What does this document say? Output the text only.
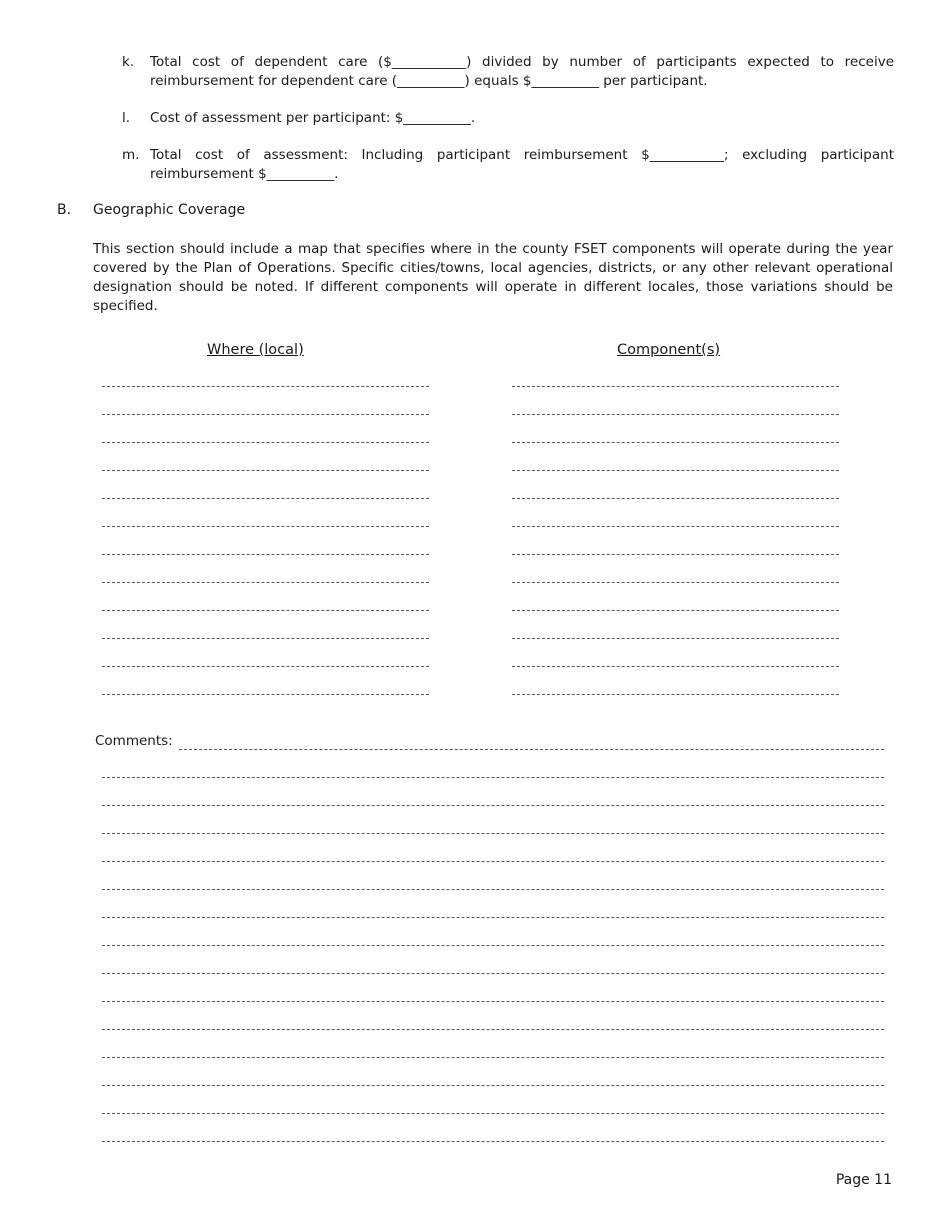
k. Total cost of dependent care ($___________) divided by number of participants expected to receive reimbursement for dependent care (__________) equals $__________ per participant.
l. Cost of assessment per participant: $__________.
m. Total cost of assessment: Including participant reimbursement $___________; excluding participant reimbursement $__________.
B. Geographic Coverage
This section should include a map that specifies where in the county FSET components will operate during the year covered by the Plan of Operations. Specific cities/towns, local agencies, districts, or any other relevant operational designation should be noted. If different components will operate in different locales, those variations should be specified.
Where (local)	Component(s)
Comments:
Page 11
